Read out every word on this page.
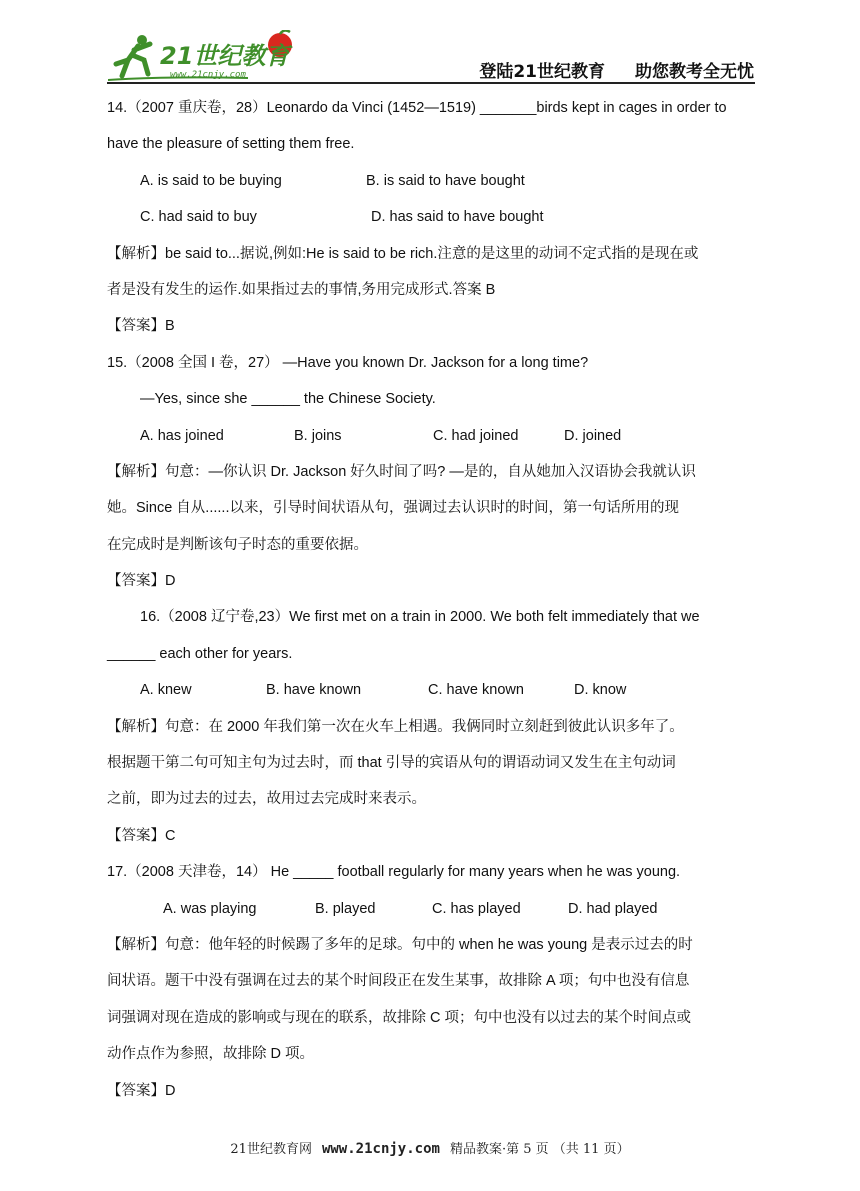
21世纪教育
www.21cnjy.com	登陆21世纪教育 助您教考全无忧
14.（2007 重庆卷，28）Leonardo da Vinci (1452—1519) _______birds kept in cages in order to
have the pleasure of setting them free.
A. is said to be buying	B. is said to have bought
C. had said to buy	D. has said to have bought
【解析】be said to...据说,例如:He is said to be rich.注意的是这里的动词不定式指的是现在或
者是没有发生的运作.如果指过去的事情,务用完成形式.答案 B
【答案】B
15.（2008 全国 I 卷，27） —Have you known Dr. Jackson for a long time?
—Yes, since she ______ the Chinese Society.
A. has joined	B. joins	C. had joined	D. joined
【解析】句意：—你认识 Dr. Jackson 好久时间了吗? —是的，自从她加入汉语协会我就认识
她。Since 自从......以来，引导时间状语从句，强调过去认识时的时间，第一句话所用的现
在完成时是判断该句子时态的重要依据。
【答案】D
16.（2008 辽宁卷,23）We first met on a train in 2000. We both felt immediately that we
______ each other for years.
A. knew	B. have known	C. have known	D. know
【解析】句意：在 2000 年我们第一次在火车上相遇。我俩同时立刻赶到彼此认识多年了。
根据题干第二句可知主句为过去时，而 that 引导的宾语从句的谓语动词又发生在主句动词
之前，即为过去的过去，故用过去完成时来表示。
【答案】C
17.（2008 天津卷，14） He _____ football regularly for many years when he was young.
A. was playing	B. played	C. has played	D. had played
【解析】句意：他年轻的时候踢了多年的足球。句中的 when he was young 是表示过去的时
间状语。题干中没有强调在过去的某个时间段正在发生某事，故排除 A 项；句中也没有信息
词强调对现在造成的影响或与现在的联系，故排除 C 项；句中也没有以过去的某个时间点或
动作点作为参照，故排除 D 项。
【答案】D
21世纪教育网 www.21cnjy.com 精品教案·第 5 页 （共 11 页）
